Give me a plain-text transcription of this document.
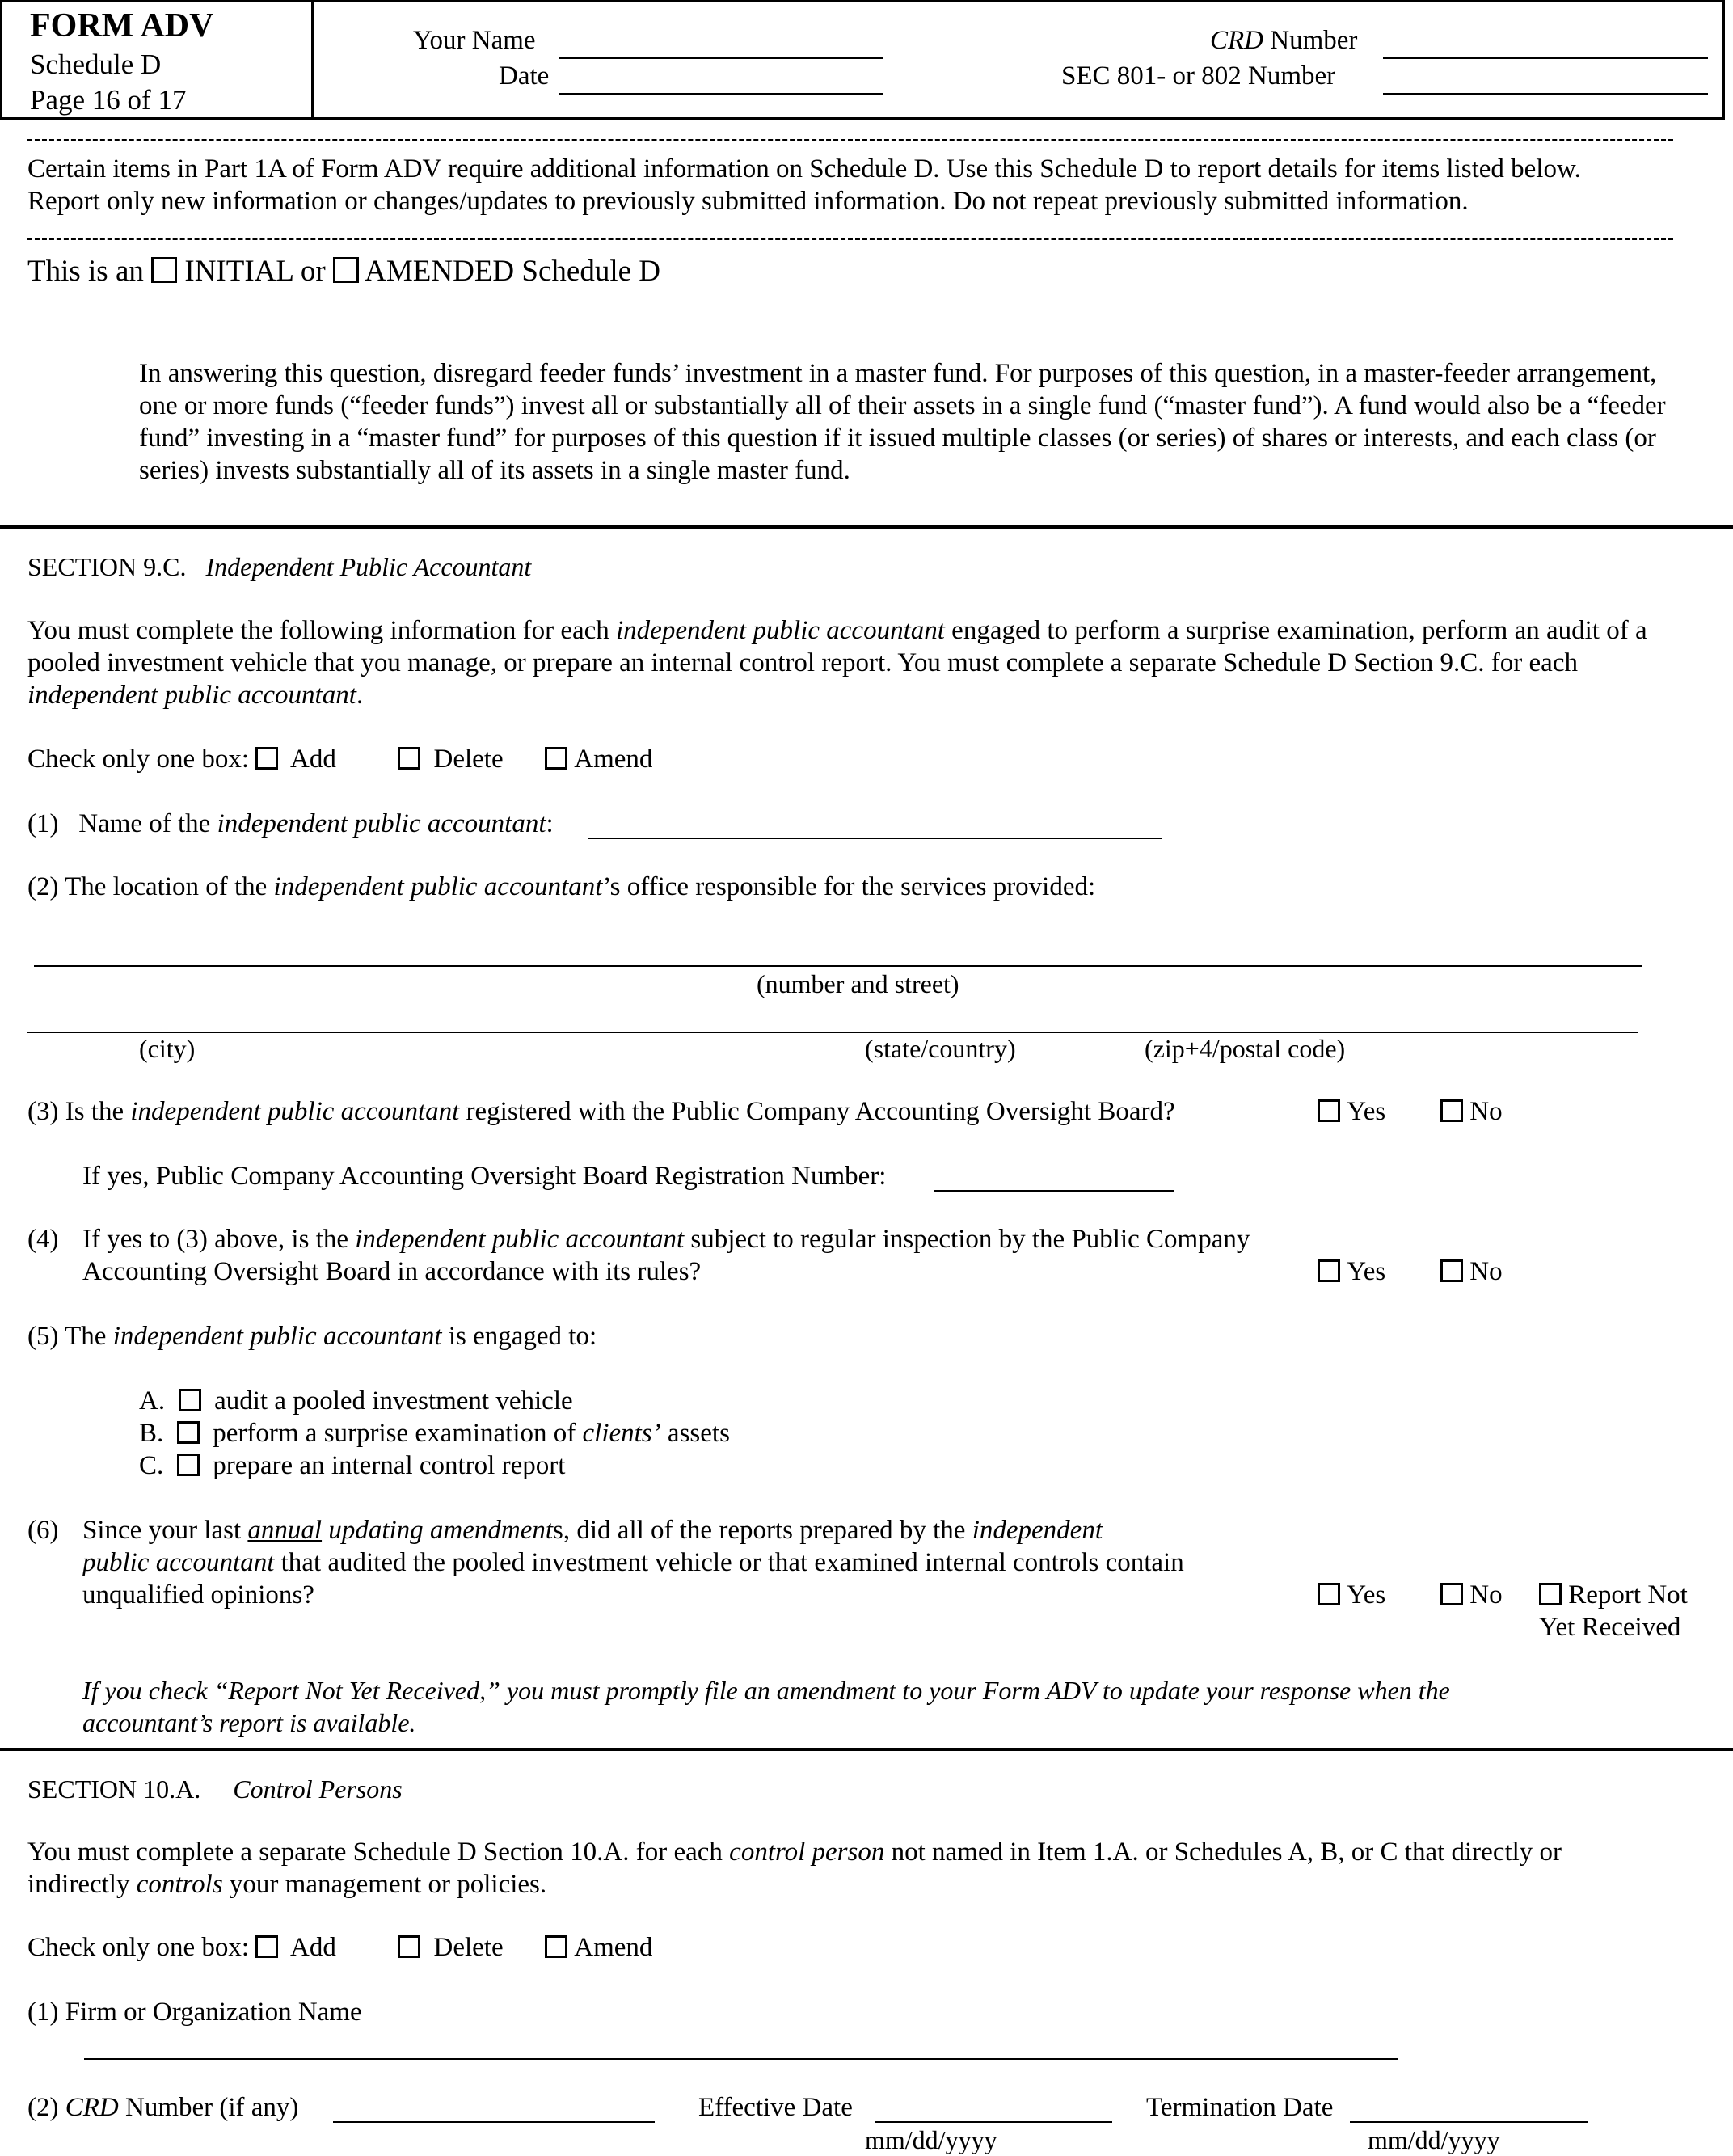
FORM ADV
Schedule D
Page 16 of 17
Your Name
Date
CRD Number
SEC 801- or 802 Number
Certain items in Part 1A of Form ADV require additional information on Schedule D. Use this Schedule D to report details for items listed below.
Report only new information or changes/updates to previously submitted information. Do not repeat previously submitted information.
This is an  INITIAL or  AMENDED Schedule D
In answering this question, disregard feeder funds’ investment in a master fund. For purposes of this question, in a master-feeder arrangement, one or more funds (“feeder funds”) invest all or substantially all of their assets in a single fund (“master fund”). A fund would also be a “feeder fund” investing in a “master fund” for purposes of this question if it issued multiple classes (or series) of shares or interests, and each class (or series) invests substantially all of its assets in a single master fund.
SECTION 9.C. Independent Public Accountant
You must complete the following information for each independent public accountant engaged to perform a surprise examination, perform an audit of a pooled investment vehicle that you manage, or prepare an internal control report. You must complete a separate Schedule D Section 9.C. for each independent public accountant.
Check only one box: Add	Delete	Amend
(1) Name of the independent public accountant:
(2) The location of the independent public accountant’s office responsible for the services provided:
(number and street)
(city)	(state/country)	(zip+4/postal code)
(3) Is the independent public accountant registered with the Public Company Accounting Oversight Board?	Yes	No
If yes, Public Company Accounting Oversight Board Registration Number:
(4) If yes to (3) above, is the independent public accountant subject to regular inspection by the Public Company
Accounting Oversight Board in accordance with its rules?	Yes	No
(5) The independent public accountant is engaged to:
A. audit a pooled investment vehicle
B. perform a surprise examination of clients’ assets
C. prepare an internal control report
(6) Since your last annual updating amendments, did all of the reports prepared by the independent
public accountant that audited the pooled investment vehicle or that examined internal controls contain
unqualified opinions?	Yes	No	Report Not
Yet Received
If you check “Report Not Yet Received,” you must promptly file an amendment to your Form ADV to update your response when the
accountant’s report is available.
SECTION 10.A. Control Persons
You must complete a separate Schedule D Section 10.A. for each control person not named in Item 1.A. or Schedules A, B, or C that directly or
indirectly controls your management or policies.
Check only one box: Add	Delete	Amend
(1) Firm or Organization Name
(2) CRD Number (if any)	Effective Date
mm/dd/yyyy
Termination Date
mm/dd/yyyy
